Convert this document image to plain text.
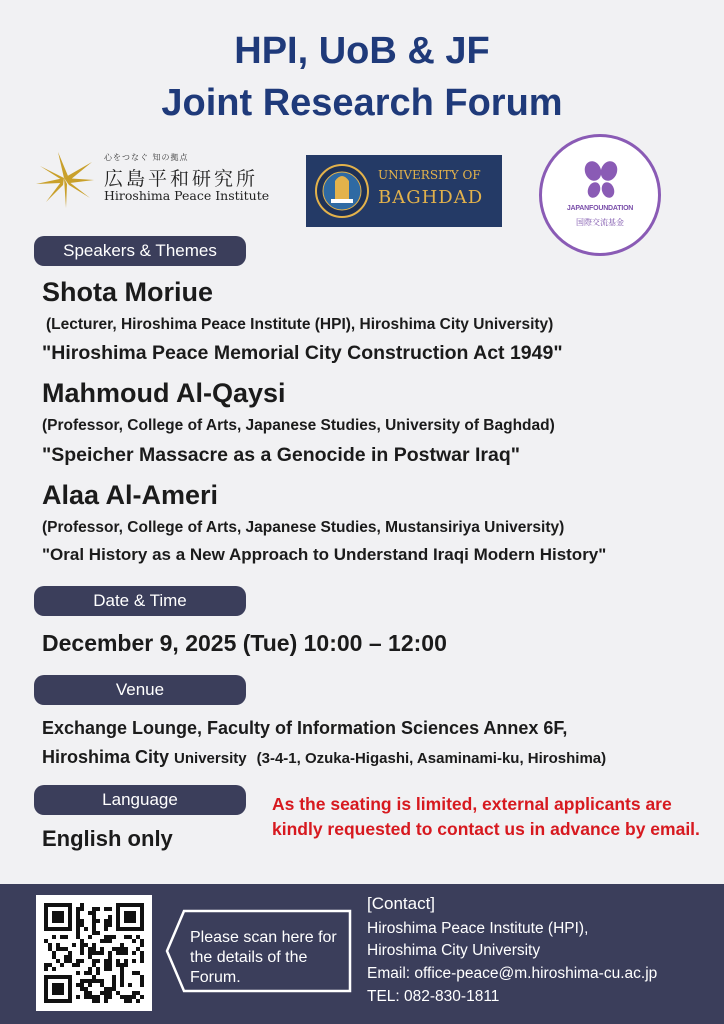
HPI, UoB & JF
Joint Research Forum
心をつなぐ 知の拠点
広島平和研究所
Hiroshima Peace Institute
UNIVERSITY OF
BAGHDAD
JAPANFOUNDATION
国際交流基金
Speakers & Themes
Shota Moriue
(Lecturer, Hiroshima Peace Institute (HPI), Hiroshima City University)
"Hiroshima Peace Memorial City Construction Act 1949"
Mahmoud Al-Qaysi
(Professor, College of Arts, Japanese Studies, University of Baghdad)
"Speicher Massacre as a Genocide in Postwar Iraq"
Alaa Al-Ameri
(Professor, College of Arts, Japanese Studies, Mustansiriya University)
"Oral History as a New Approach to Understand Iraqi Modern History"
Date & Time
December 9, 2025 (Tue) 10:00 – 12:00
Venue
Exchange Lounge, Faculty of Information Sciences Annex 6F,
Hiroshima City University (3-4-1, Ozuka-Higashi, Asaminami-ku, Hiroshima)
Language
English only
As the seating is limited, external applicants are kindly requested to contact us in advance by email.
Please scan here for the details of the Forum.
[Contact]
Hiroshima Peace Institute (HPI),
Hiroshima City University
Email: office-peace@m.hiroshima-cu.ac.jp
TEL: 082-830-1811
